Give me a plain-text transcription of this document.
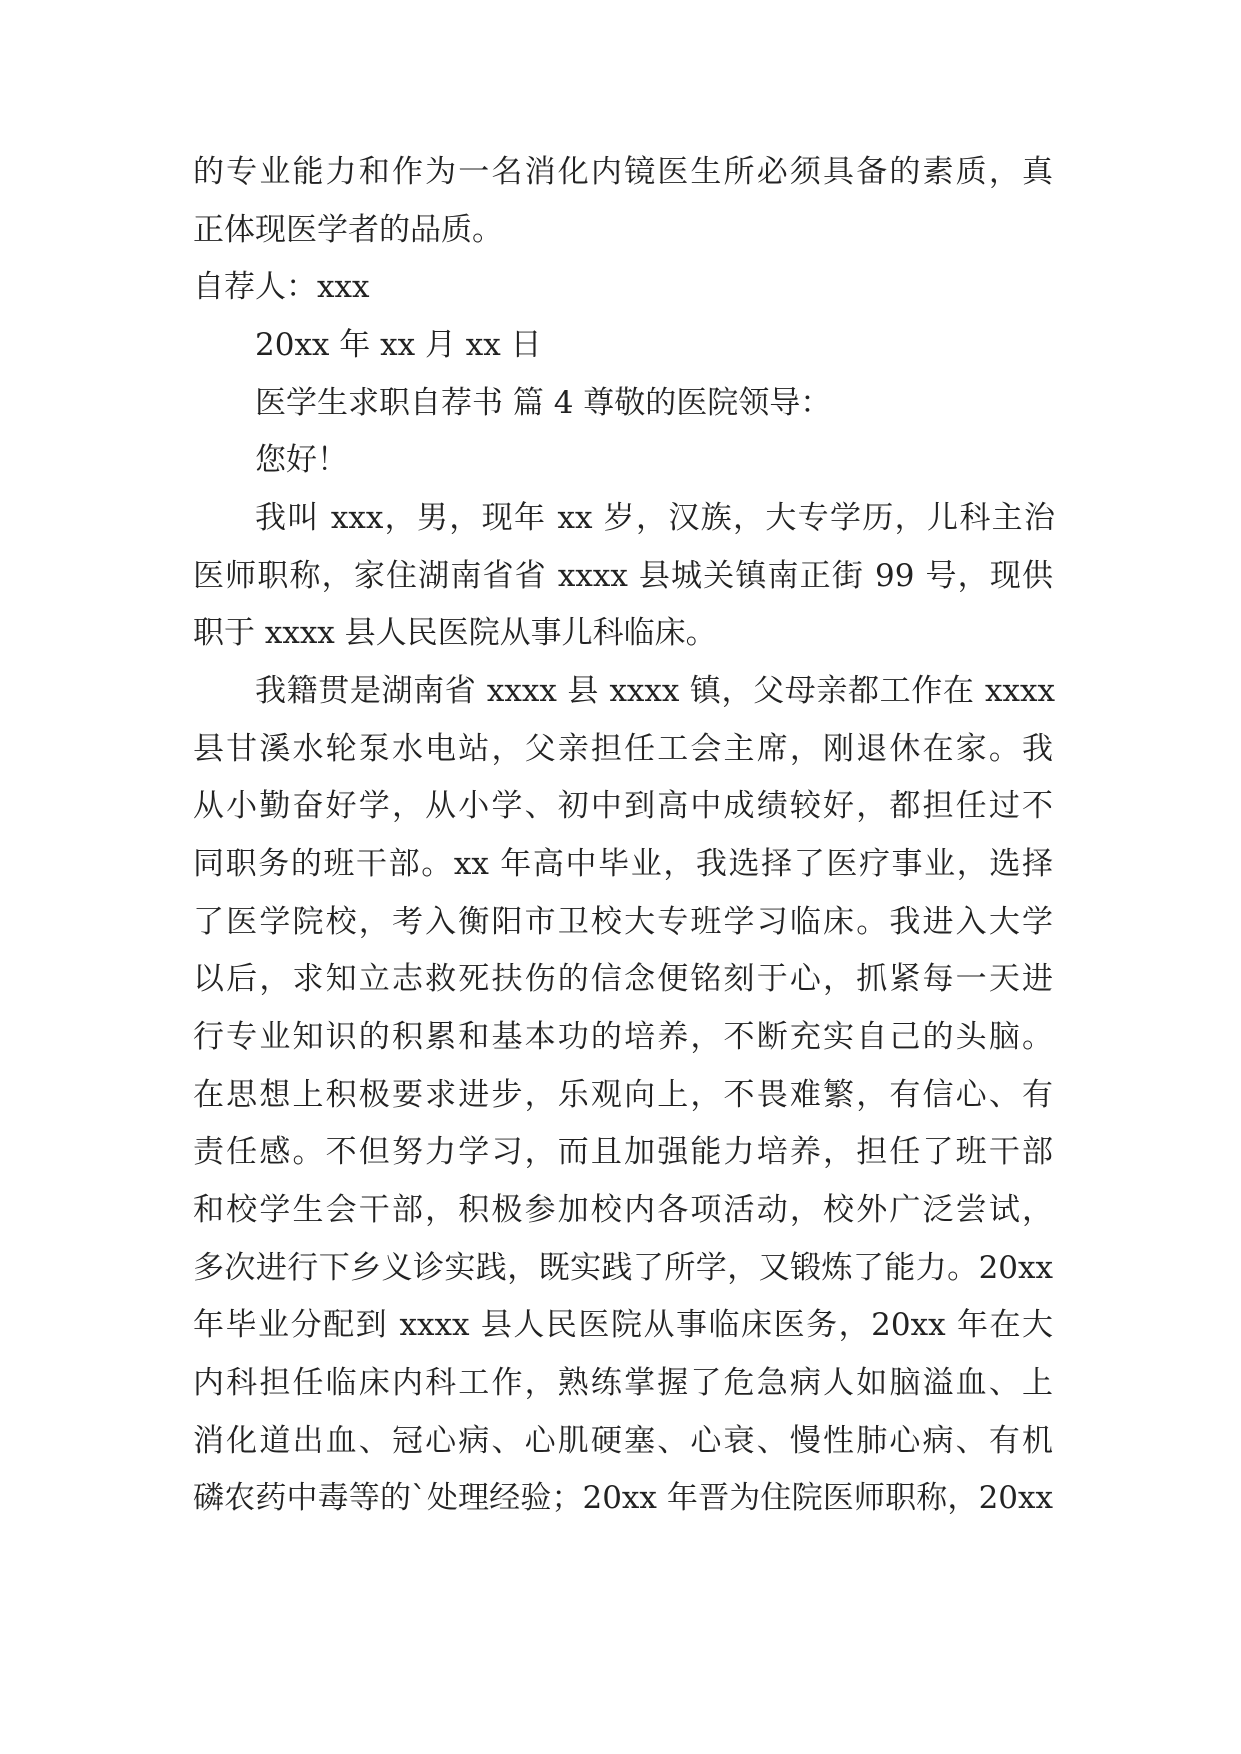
的专业能力和作为一名消化内镜医生所必须具备的素质，真
正体现医学者的品质。
自荐人：xxx
20xx 年 xx 月 xx 日
医学生求职自荐书 篇 4 尊敬的医院领导：
您好！
我叫 xxx，男，现年 xx 岁，汉族，大专学历，儿科主治
医师职称，家住湖南省省 xxxx 县城关镇南正街 99 号，现供
职于 xxxx 县人民医院从事儿科临床。
我籍贯是湖南省 xxxx 县 xxxx 镇，父母亲都工作在 xxxx
县甘溪水轮泵水电站，父亲担任工会主席，刚退休在家。我
从小勤奋好学，从小学、初中到高中成绩较好，都担任过不
同职务的班干部。xx 年高中毕业，我选择了医疗事业，选择
了医学院校，考入衡阳市卫校大专班学习临床。我进入大学
以后，求知立志救死扶伤的信念便铭刻于心，抓紧每一天进
行专业知识的积累和基本功的培养，不断充实自己的头脑。
在思想上积极要求进步，乐观向上，不畏难繁，有信心、有
责任感。不但努力学习，而且加强能力培养，担任了班干部
和校学生会干部，积极参加校内各项活动，校外广泛尝试，
多次进行下乡义诊实践，既实践了所学，又锻炼了能力。20xx
年毕业分配到 xxxx 县人民医院从事临床医务，20xx 年在大
内科担任临床内科工作，熟练掌握了危急病人如脑溢血、上
消化道出血、冠心病、心肌硬塞、心衰、慢性肺心病、有机
磷农药中毒等的`处理经验；20xx 年晋为住院医师职称，20xx
